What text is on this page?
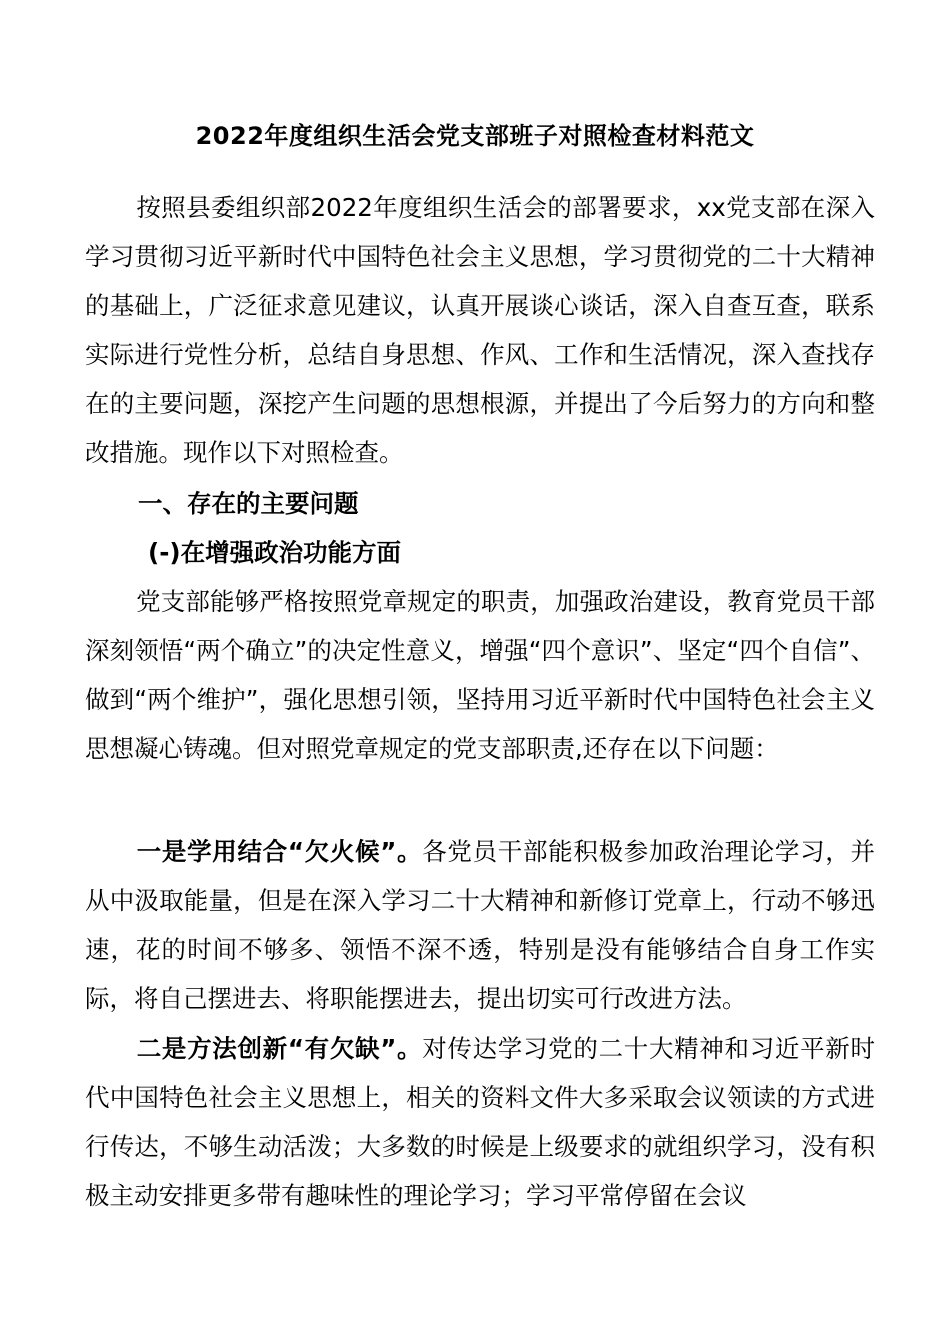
2022年度组织生活会党支部班子对照检查材料范文
按照县委组织部2022年度组织生活会的部署要求，xx党支部在深入学习贯彻习近平新时代中国特色社会主义思想，学习贯彻党的二十大精神的基础上，广泛征求意见建议，认真开展谈心谈话，深入自查互查，联系实际进行党性分析，总结自身思想、作风、工作和生活情况，深入查找存在的主要问题，深挖产生问题的思想根源，并提出了今后努力的方向和整改措施。现作以下对照检查。
一、存在的主要问题
(-)在增强政治功能方面
党支部能够严格按照党章规定的职责，加强政治建设，教育党员干部深刻领悟“两个确立”的决定性意义，增强“四个意识”、坚定“四个自信”、做到“两个维护”，强化思想引领，坚持用习近平新时代中国特色社会主义思想凝心铸魂。但对照党章规定的党支部职责,还存在以下问题：
一是学用结合“欠火候”。各党员干部能积极参加政治理论学习，并从中汲取能量，但是在深入学习二十大精神和新修订党章上，行动不够迅速，花的时间不够多、领悟不深不透，特别是没有能够结合自身工作实际，将自己摆进去、将职能摆进去，提出切实可行改进方法。
二是方法创新“有欠缺”。对传达学习党的二十大精神和习近平新时代中国特色社会主义思想上，相关的资料文件大多采取会议领读的方式进行传达，不够生动活泼；大多数的时候是上级要求的就组织学习，没有积极主动安排更多带有趣味性的理论学习；学习平常停留在会议
